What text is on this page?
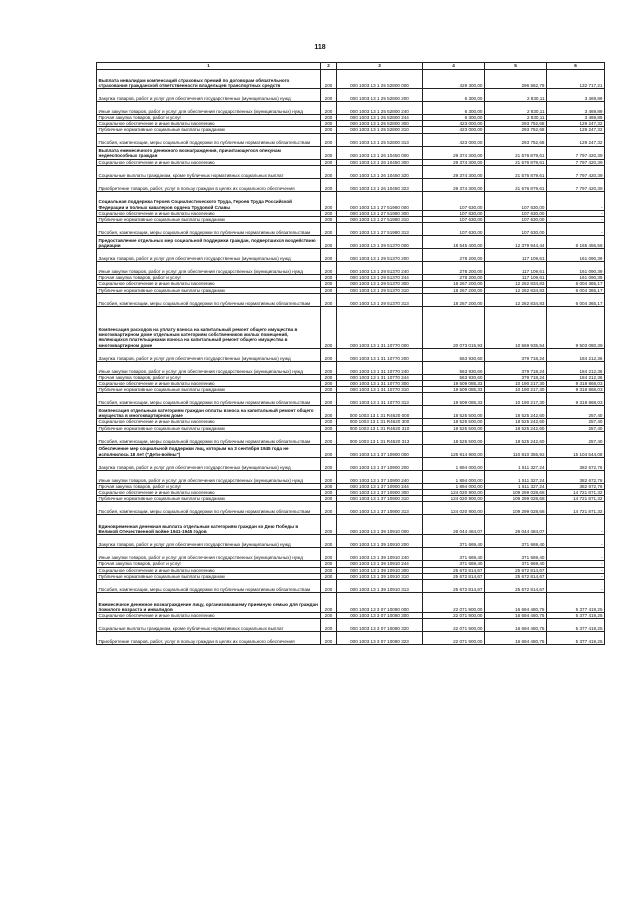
118
1	2	3	4	5	6
Выплата инвалидам компенсаций страховых премий по договорам обязательного страхования гражданской ответственности владельцев транспортных средств	200	000 1003 13 1 25 52800 000	429 300,00	296 582,79	132 717,21
Закупка товаров, работ и услуг для обеспечения государственных (муниципальных) нужд	200	000 1003 13 1 25 52800 200	6 300,00	2 830,11	3 469,89
Иные закупки товаров, работ и услуг для обеспечения государственных (муниципальных) нужд	200	000 1003 13 1 25 52800 240	6 300,00	2 830,11	3 469,89
Прочая закупка товаров, работ и услуг	200	000 1003 13 1 25 52800 244	6 300,00	2 830,11	3 469,89
Социальное обеспечение и иные выплаты населению	200	000 1003 13 1 25 52800 300	423 000,00	293 752,68	129 247,32
Публичные нормативные социальные выплаты гражданам	200	000 1003 13 1 25 52800 310	423 000,00	293 752,68	129 247,32
Пособия, компенсации, меры социальной поддержки по публичным нормативным обязательствам	200	000 1003 13 1 25 52800 313	423 000,00	293 752,68	129 247,32
Выплата ежемесячного денежного вознаграждения, причитающегося опекунам недееспособных граждан	200	000 1003 13 1 26 10450 000	29 374 300,00	21 576 879,61	7 797 420,39
Социальное обеспечение и иные выплаты населению	200	000 1003 13 1 26 10450 300	29 374 300,00	21 576 879,61	7 797 420,39
Социальные выплаты гражданам, кроме публичных нормативных социальных выплат	200	000 1003 13 1 26 10450 320	29 374 300,00	21 576 879,61	7 797 420,39
Приобретение товаров, работ, услуг в пользу граждан в целях их социального обеспечения	200	000 1003 13 1 26 10450 323	29 374 300,00	21 576 879,61	7 797 420,39
Социальная поддержка Героев Социалистического Труда, Героев Труда Российской Федерации и полных кавалеров ордена Трудовой Славы	200	000 1003 13 1 27 51980 000	107 630,00	107 630,00	-
Социальное обеспечение и иные выплаты населению	200	000 1003 13 1 27 51980 300	107 630,00	107 630,00	-
Публичные нормативные социальные выплаты гражданам	200	000 1003 13 1 27 51980 310	107 630,00	107 630,00	-
Пособия, компенсации, меры социальной поддержки по публичным нормативным обязательствам	200	000 1003 13 1 27 51980 313	107 630,00	107 630,00	-
Предоставление отдельных мер социальной поддержки граждан, подвергшихся воздействию радиации	200	000 1003 13 1 29 51370 000	18 545 400,00	12 379 944,44	6 165 455,56
Закупка товаров, работ и услуг для обеспечения государственных (муниципальных) нужд	200	000 1003 13 1 29 51370 200	278 200,00	117 109,61	161 090,39
Иные закупки товаров, работ и услуг для обеспечения государственных (муниципальных) нужд	200	000 1003 13 1 29 51370 240	278 200,00	117 109,61	161 090,39
Прочая закупка товаров, работ и услуг	200	000 1003 13 1 29 51370 244	278 200,00	117 109,61	161 090,39
Социальное обеспечение и иные выплаты населению	200	000 1003 13 1 29 51370 300	18 267 200,00	12 262 834,83	6 004 365,17
Публичные нормативные социальные выплаты гражданам	200	000 1003 13 1 29 51370 310	18 267 200,00	12 262 834,83	6 004 365,17
Пособия, компенсации, меры социальной поддержки по публичным нормативным обязательствам	200	000 1003 13 1 29 51370 313	18 267 200,00	12 262 834,83	6 004 365,17
Компенсация расходов на уплату взноса на капитальный ремонт общего имущества в многоквартирном доме отдельным категориям собственников жилых помещений, являющихся плательщиками взноса на капитальный ремонт общего имущества в многоквартирном доме	200	000 1003 13 1 31 10770 000	20 073 015,93	10 569 935,54	9 503 080,39
Закупка товаров, работ и услуг для обеспечения государственных (муниципальных) нужд	200	000 1003 13 1 31 10770 200	563 930,60	379 718,24	184 212,36
Иные закупки товаров, работ и услуг для обеспечения государственных (муниципальных) нужд	200	000 1003 13 1 31 10770 240	563 930,60	379 718,24	184 212,36
Прочая закупка товаров, работ и услуг	200	000 1003 13 1 31 10770 244	563 930,60	379 718,24	184 212,36
Социальное обеспечение и иные выплаты населению	200	000 1003 13 1 31 10770 300	19 509 085,33	10 190 217,30	9 318 868,03
Публичные нормативные социальные выплаты гражданам	200	000 1003 13 1 31 10770 310	19 509 085,33	10 190 217,30	9 318 868,03
Пособия, компенсации, меры социальной поддержки по публичным нормативным обязательствам	200	000 1003 13 1 31 10770 313	19 509 085,33	10 190 217,30	9 318 868,03
Компенсация отдельным категориям граждан оплаты взноса на капитальный ремонт общего имущества в многоквартирном доме	200	000 1003 13 1 31 R4620 000	18 525 500,00	18 525 242,60	257,40
Социальное обеспечение и иные выплаты населению	200	000 1003 13 1 31 R4620 300	18 525 500,00	18 525 242,60	257,40
Публичные нормативные социальные выплаты гражданам	200	000 1003 13 1 31 R4620 310	18 525 500,00	18 525 242,60	257,40
Пособия, компенсации, меры социальной поддержки по публичным нормативным обязательствам	200	000 1003 13 1 31 R4620 313	18 525 500,00	18 525 242,60	257,40
Обеспечение мер социальной поддержки лиц, которым на 3 сентября 1945 года не исполнилось 18 лет ("Дети-войны")	200	000 1003 13 1 37 10900 000	125 914 900,00	110 810 355,92	15 104 544,08
Закупка товаров, работ и услуг для обеспечения государственных (муниципальных) нужд	200	000 1003 13 1 37 10900 200	1 894 000,00	1 511 327,24	382 672,76
Иные закупки товаров, работ и услуг для обеспечения государственных (муниципальных) нужд	200	000 1003 13 1 37 10900 240	1 894 000,00	1 511 327,24	382 672,76
Прочая закупка товаров, работ и услуг	200	000 1003 13 1 37 10900 244	1 894 000,00	1 511 327,24	382 672,76
Социальное обеспечение и иные выплаты населению	200	000 1003 13 1 37 10900 300	124 020 900,00	109 299 028,68	14 721 871,32
Публичные нормативные социальные выплаты гражданам	200	000 1003 13 1 37 10900 310	124 020 900,00	109 299 028,68	14 721 871,32
Пособия, компенсации, меры социальной поддержки по публичным нормативным обязательствам	200	000 1003 13 1 37 10900 313	124 020 900,00	109 299 028,68	14 721 871,32
Единовременная денежная выплата отдельным категориям граждан ко Дню Победы в Великой Отечественной войне 1941-1945 годов	200	000 1003 13 1 39 10910 000	26 044 484,07	26 044 484,07	-
Закупка товаров, работ и услуг для обеспечения государственных (муниципальных) нужд	200	000 1003 13 1 39 10910 200	371 669,40	371 669,40	-
Иные закупки товаров, работ и услуг для обеспечения государственных (муниципальных) нужд	200	000 1003 13 1 39 10910 240	371 669,40	371 669,40	-
Прочая закупка товаров, работ и услуг	200	000 1003 13 1 39 10910 244	371 669,40	371 669,40	-
Социальное обеспечение и иные выплаты населению	200	000 1003 13 1 39 10910 300	25 672 814,67	25 672 814,67	-
Публичные нормативные социальные выплаты гражданам	200	000 1003 13 1 39 10910 310	25 672 814,67	25 672 814,67	-
Пособия, компенсации, меры социальной поддержки по публичным нормативным обязательствам	200	000 1003 13 1 39 10910 313	25 672 814,67	25 672 814,67	-
Ежемесячное денежное вознаграждение лицу, организовавшему приемную семью для граждан пожилого возраста и инвалидов	200	000 1003 13 3 07 10080 000	22 071 900,00	16 694 480,75	5 377 419,25
Социальное обеспечение и иные выплаты населению	200	000 1003 13 3 07 10080 300	22 071 900,00	16 694 480,75	5 377 419,25
Социальные выплаты гражданам, кроме публичных нормативных социальных выплат	200	000 1003 13 3 07 10080 320	22 071 900,00	16 694 480,75	5 377 419,25
Приобретение товаров, работ, услуг в пользу граждан в целях их социального обеспечения	200	000 1003 13 3 07 10080 323	22 071 900,00	16 694 480,75	5 377 419,25
